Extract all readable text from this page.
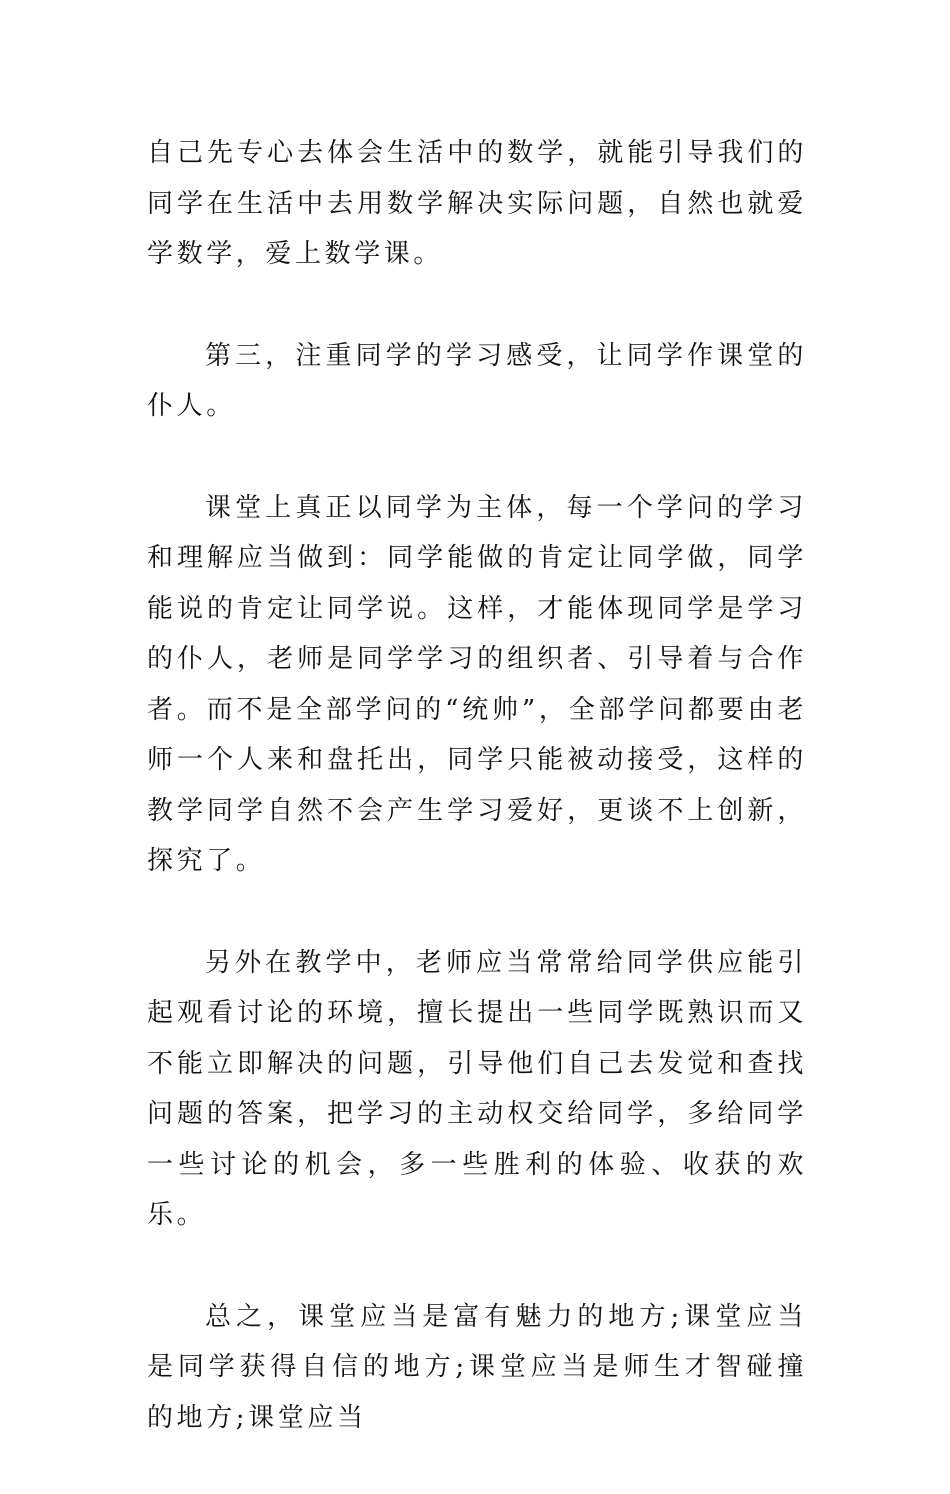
自己先专心去体会生活中的数学，就能引导我们的同学在生活中去用数学解决实际问题，自然也就爱学数学，爱上数学课。

第三，注重同学的学习感受，让同学作课堂的仆人。

课堂上真正以同学为主体，每一个学问的学习和理解应当做到：同学能做的肯定让同学做，同学能说的肯定让同学说。这样，才能体现同学是学习的仆人，老师是同学学习的组织者、引导着与合作者。而不是全部学问的“统帅”，全部学问都要由老师一个人来和盘托出，同学只能被动接受，这样的教学同学自然不会产生学习爱好，更谈不上创新，探究了。

另外在教学中，老师应当常常给同学供应能引起观看讨论的环境，擅长提出一些同学既熟识而又不能立即解决的问题，引导他们自己去发觉和查找问题的答案，把学习的主动权交给同学，多给同学一些讨论的机会，多一些胜利的体验、收获的欢乐。

总之，课堂应当是富有魅力的地方;课堂应当是同学获得自信的地方;课堂应当是师生才智碰撞的地方;课堂应当
